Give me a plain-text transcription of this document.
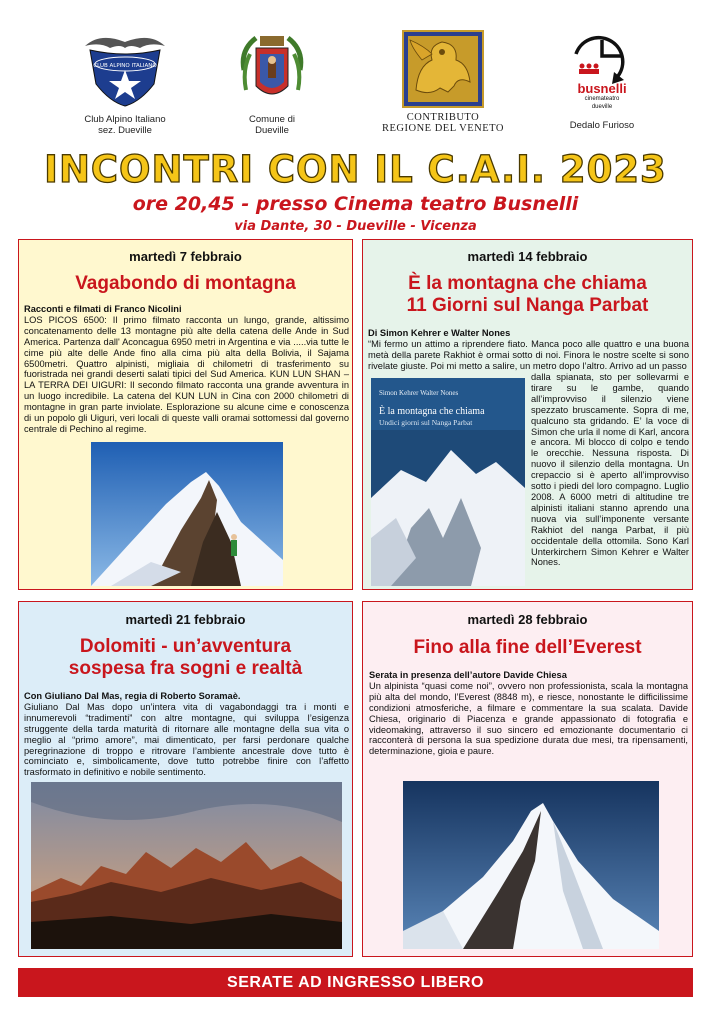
CLUB ALPINO ITALIANO
Club Alpino Italiano
sez. Dueville
Comune di
Dueville
CONTRIBUTO
REGIONE DEL VENETO
busnelli
cinemateatro
dueville
Dedalo Furioso
INCONTRI CON IL C.A.I. 2023
ore 20,45 - presso Cinema teatro Busnelli
via Dante, 30 - Dueville - Vicenza
martedì 7 febbraio
Vagabondo di montagna
Racconti e filmati di Franco Nicolini
LOS PICOS 6500: Il primo filmato racconta un lungo, grande, altissimo concatenamento delle 13 montagne più alte della catena delle Ande in Sud America. Partenza dall' Aconcagua 6950 metri in Argentina e via .....via tutte le cime più alte delle Ande fino alla cima più alta della Bolivia, il Sajama 6500metri. Quattro alpinisti, migliaia di chilometri di trasferimento su fuoristrada nei grandi deserti salati tipici del Sud America. KUN LUN SHAN – LA TERRA DEI UIGURI: Il secondo filmato racconta una grande avventura in un luogo incredibile. La catena del KUN LUN in Cina con 2000 chilometri di montagne in gran parte inviolate. Esplorazione su alcune cime e conoscenza di un popolo gli Uiguri, veri locali di queste valli oramai sottomessi dal governo centrale di Pechino al regime.
martedì 14 febbraio
È la montagna che chiama
11 Giorni sul Nanga Parbat
Di Simon Kehrer e Walter Nones
“Mi fermo un attimo a riprendere fiato. Manca poco alle quattro e una buona metà della parete Rakhiot è ormai sotto di noi. Finora le nostre scelte si sono rivelate giuste. Poi mi metto a salire, un metro dopo l’altro. Arrivo ad un passo
dalla spianata, sto per sollevarmi e tirare su le gambe, quando all’improvviso il silenzio viene spezzato bruscamente. Sopra di me, qualcuno sta gridando. E’ la voce di Simon che urla il nome di Karl, ancora e ancora. Mi blocco di colpo e tendo le orecchie. Nessuna risposta. Di nuovo il silenzio della montagna. Un crepaccio si è aperto all’improvviso sotto i piedi del loro compagno. Luglio 2008. A 6000 metri di altitudine tre alpinisti italiani stanno aprendo una nuova via sull’imponente versante Rakhiot del nanga Parbat, il più occidentale della ottomila. Sono Karl Unterkirchern Simon Kehrer e Walter Nones.
Simon Kehrer Walter Nones
È la montagna che chiama
Undici giorni sul Nanga Parbat
martedì 21 febbraio
Dolomiti - un’avventura
sospesa fra sogni e realtà
Con Giuliano Dal Mas, regia di Roberto Soramaè.
Giuliano Dal Mas dopo un’intera vita di vagabondaggi tra i monti e innumerevoli “tradimenti” con altre montagne, qui sviluppa l’esigenza struggente della tarda maturità di ritornare alle montagne della sua vita o meglio al “primo amore”, mai dimenticato, per farsi perdonare qualche peregrinazione di troppo e ritrovare l’ambiente ancestrale dove tutto è cominciato e, simbolicamente, dove tutto potrebbe finire con l’affetto trasformato in definitivo e nobile sentimento.
martedì 28 febbraio
Fino alla fine dell’Everest
Serata in presenza dell’autore Davide Chiesa
Un alpinista “quasi come noi”, ovvero non professionista, scala la montagna più alta del mondo, l’Everest (8848 m), e riesce, nonostante le difficilissime condizioni atmosferiche, a filmare e commentare la sua scalata. Davide Chiesa, originario di Piacenza e grande appassionato di fotografia e videomaking, attraverso il suo sincero ed emozionante documentario ci racconterà di persona la sua spedizione durata due mesi, tra ripensamenti, determinazione, gioia e paure.
SERATE AD INGRESSO LIBERO
